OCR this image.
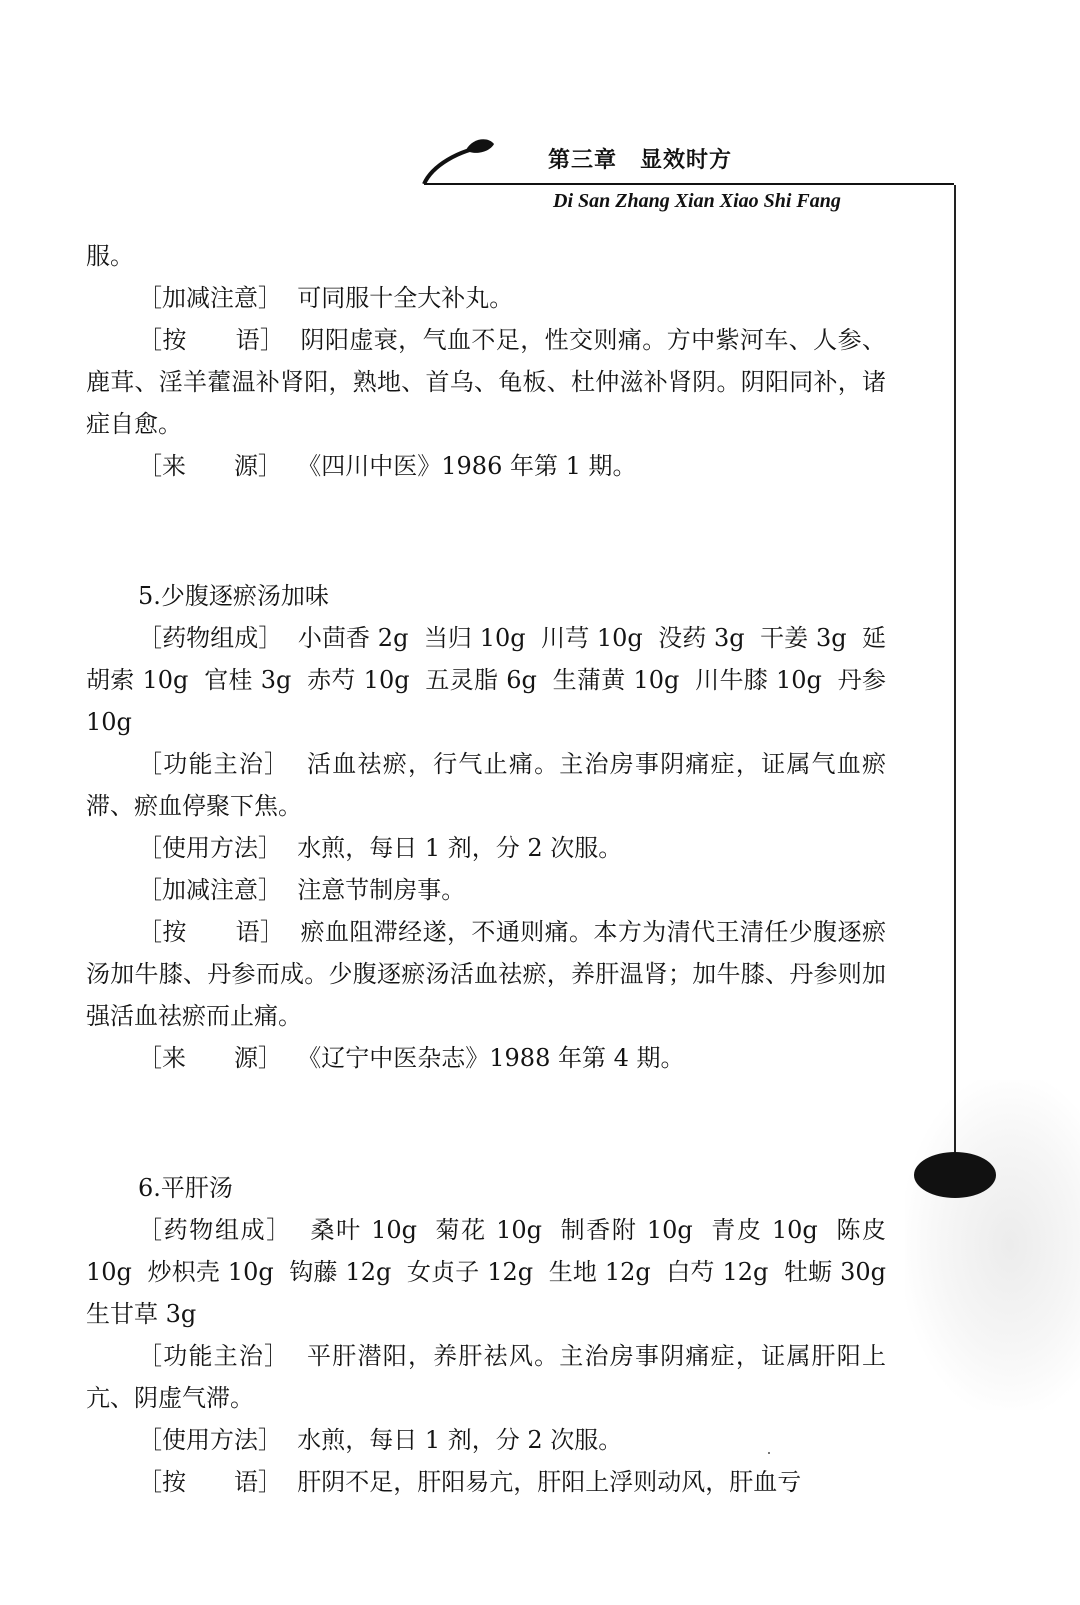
第三章　显效时方
Di San Zhang Xian Xiao Shi Fang

服。

［加减注意］  可同服十全大补丸。

［按　　语］  阴阳虚衰，气血不足，性交则痛。方中紫河车、人参、鹿茸、淫羊藿温补肾阳，熟地、首乌、龟板、杜仲滋补肾阴。阴阳同补，诸症自愈。

［来　　源］  《四川中医》1986 年第 1 期。

5.少腹逐瘀汤加味

［药物组成］  小茴香 2g  当归 10g  川芎 10g  没药 3g  干姜 3g  延胡索 10g  官桂 3g  赤芍 10g  五灵脂 6g  生蒲黄 10g  川牛膝 10g  丹参 10g

［功能主治］  活血祛瘀，行气止痛。主治房事阴痛症，证属气血瘀滞、瘀血停聚下焦。

［使用方法］  水煎，每日 1 剂，分 2 次服。

［加减注意］  注意节制房事。

［按　　语］  瘀血阻滞经遂，不通则痛。本方为清代王清任少腹逐瘀汤加牛膝、丹参而成。少腹逐瘀汤活血祛瘀，养肝温肾；加牛膝、丹参则加强活血祛瘀而止痛。

［来　　源］  《辽宁中医杂志》1988 年第 4 期。

6.平肝汤

［药物组成］  桑叶 10g  菊花 10g  制香附 10g  青皮 10g  陈皮 10g  炒枳壳 10g  钩藤 12g  女贞子 12g  生地 12g  白芍 12g  牡蛎 30g  生甘草 3g

［功能主治］  平肝潜阳，养肝祛风。主治房事阴痛症，证属肝阳上亢、阴虚气滞。

［使用方法］  水煎，每日 1 剂，分 2 次服。

［按　　语］  肝阴不足，肝阳易亢，肝阳上浮则动风，肝血亏
